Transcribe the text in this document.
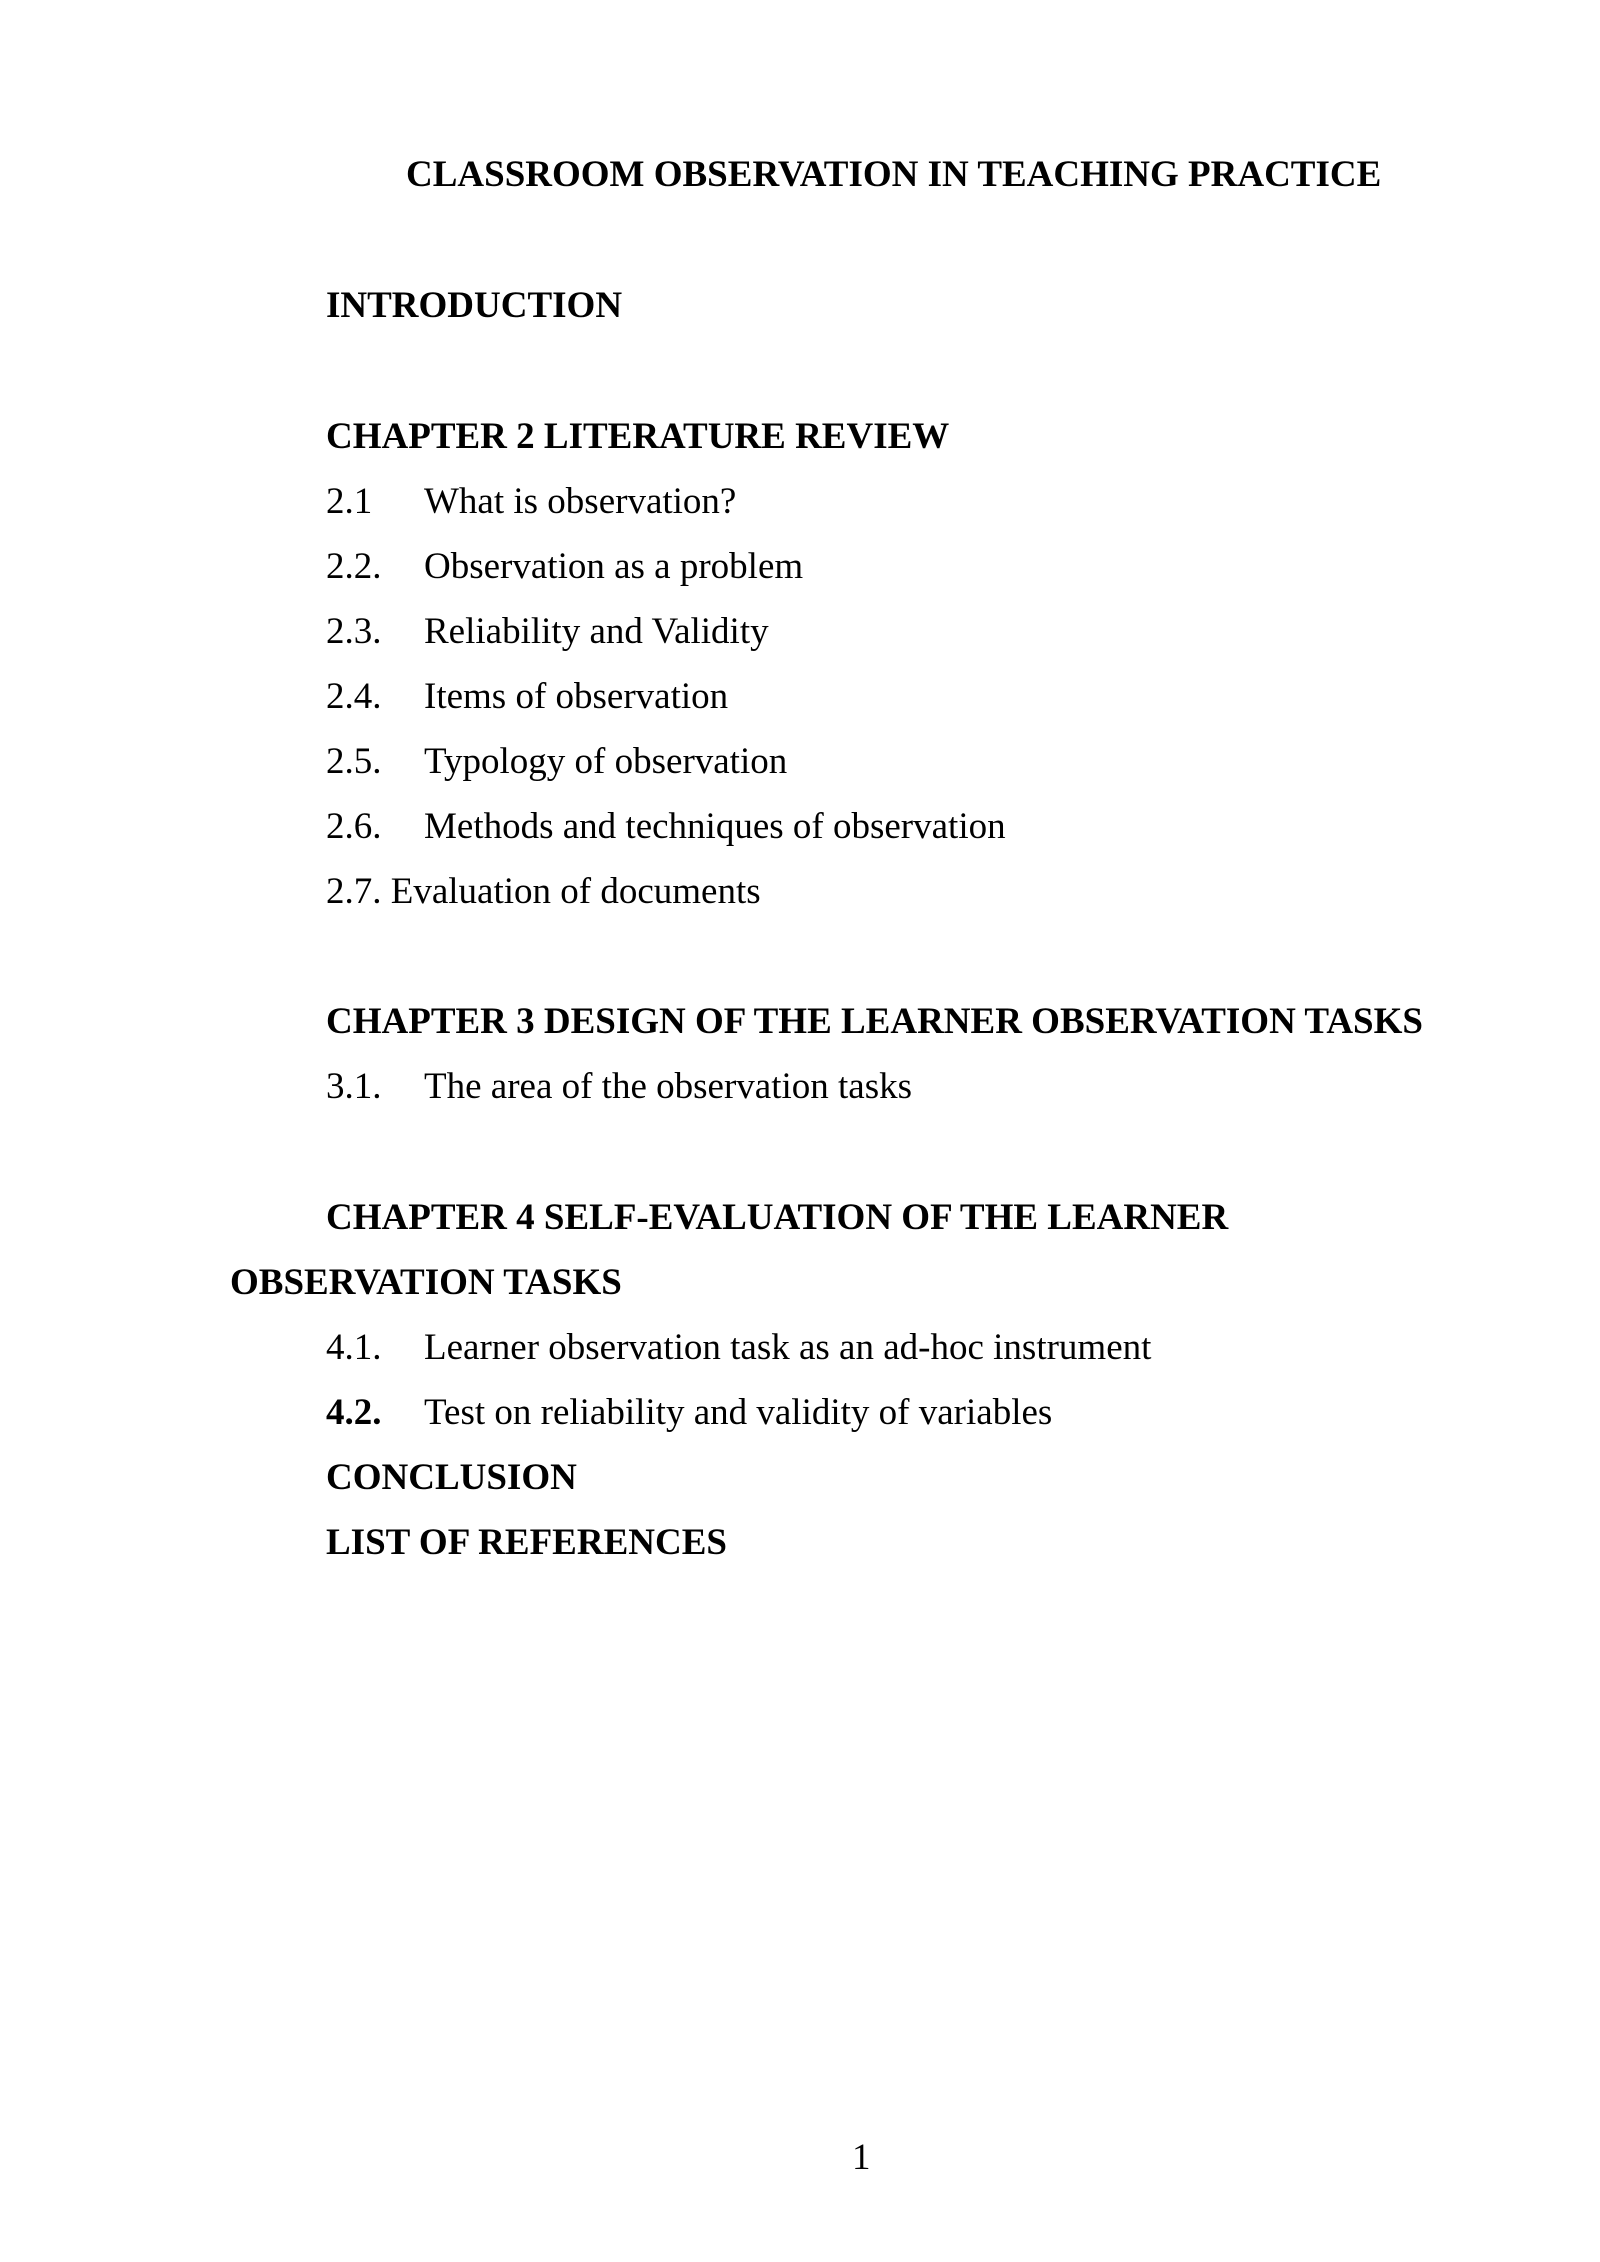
CLASSROOM OBSERVATION IN TEACHING PRACTICE
INTRODUCTION
CHAPTER 2 LITERATURE REVIEW
2.1 What is observation?
2.2. Observation as a problem
2.3. Reliability and Validity
2.4. Items of observation
2.5. Typology of observation
2.6. Methods and techniques of observation
2.7. Evaluation of documents
CHAPTER 3 DESIGN OF THE LEARNER OBSERVATION TASKS
3.1. The area of the observation tasks
CHAPTER 4 SELF-EVALUATION OF THE LEARNER
OBSERVATION TASKS
4.1. Learner observation task as an ad-hoc instrument
4.2. Test on reliability and validity of variables
CONCLUSION
LIST OF REFERENCES
1
